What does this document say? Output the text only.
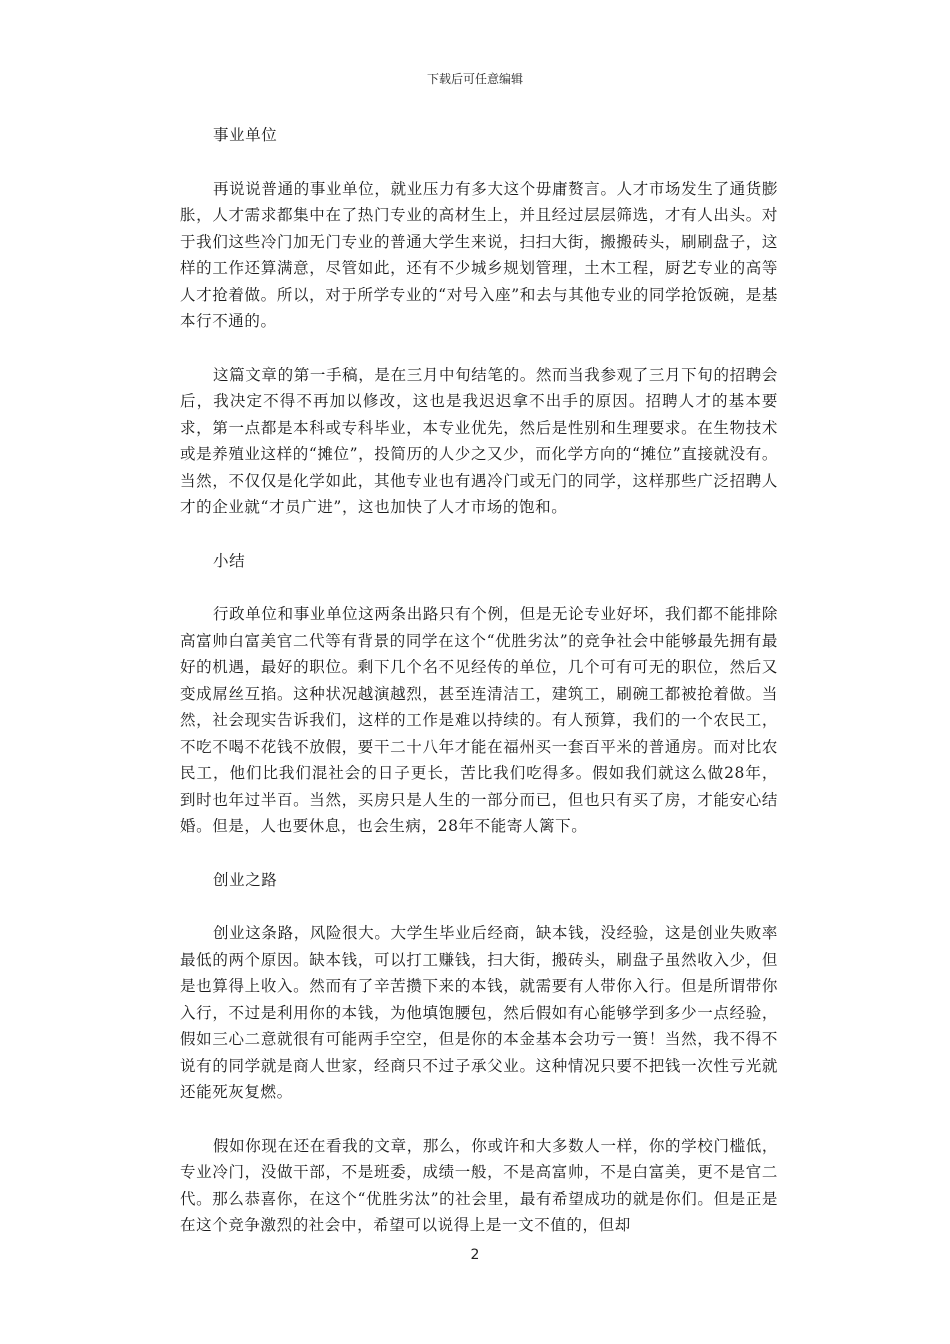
下载后可任意编辑

事业单位

再说说普通的事业单位，就业压力有多大这个毋庸赘言。人才市场发生了通货膨胀，人才需求都集中在了热门专业的高材生上，并且经过层层筛选，才有人出头。对于我们这些冷门加无门专业的普通大学生来说，扫扫大街，搬搬砖头，刷刷盘子，这样的工作还算满意，尽管如此，还有不少城乡规划管理，土木工程，厨艺专业的高等人才抢着做。所以，对于所学专业的“对号入座”和去与其他专业的同学抢饭碗，是基本行不通的。

这篇文章的第一手稿，是在三月中旬结笔的。然而当我参观了三月下旬的招聘会后，我决定不得不再加以修改，这也是我迟迟拿不出手的原因。招聘人才的基本要求，第一点都是本科或专科毕业，本专业优先，然后是性别和生理要求。在生物技术或是养殖业这样的“摊位”，投简历的人少之又少，而化学方向的“摊位”直接就没有。当然，不仅仅是化学如此，其他专业也有遇冷门或无门的同学，这样那些广泛招聘人才的企业就“才员广进”，这也加快了人才市场的饱和。

小结

行政单位和事业单位这两条出路只有个例，但是无论专业好坏，我们都不能排除高富帅白富美官二代等有背景的同学在这个“优胜劣汰”的竞争社会中能够最先拥有最好的机遇，最好的职位。剩下几个名不见经传的单位，几个可有可无的职位，然后又变成屌丝互掐。这种状况越演越烈，甚至连清洁工，建筑工，刷碗工都被抢着做。当然，社会现实告诉我们，这样的工作是难以持续的。有人预算，我们的一个农民工，不吃不喝不花钱不放假，要干二十八年才能在福州买一套百平米的普通房。而对比农民工，他们比我们混社会的日子更长，苦比我们吃得多。假如我们就这么做28年，到时也年过半百。当然，买房只是人生的一部分而已，但也只有买了房，才能安心结婚。但是，人也要休息，也会生病，28年不能寄人篱下。

创业之路

创业这条路，风险很大。大学生毕业后经商，缺本钱，没经验，这是创业失败率最低的两个原因。缺本钱，可以打工赚钱，扫大街，搬砖头，刷盘子虽然收入少，但是也算得上收入。然而有了辛苦攒下来的本钱，就需要有人带你入行。但是所谓带你入行，不过是利用你的本钱，为他填饱腰包，然后假如有心能够学到多少一点经验，假如三心二意就很有可能两手空空，但是你的本金基本会功亏一篑！当然，我不得不说有的同学就是商人世家，经商只不过子承父业。这种情况只要不把钱一次性亏光就还能死灰复燃。

假如你现在还在看我的文章，那么，你或许和大多数人一样，你的学校门槛低，专业冷门，没做干部，不是班委，成绩一般，不是高富帅，不是白富美，更不是官二代。那么恭喜你，在这个“优胜劣汰”的社会里，最有希望成功的就是你们。但是正是在这个竞争激烈的社会中，希望可以说得上是一文不值的，但却

2
